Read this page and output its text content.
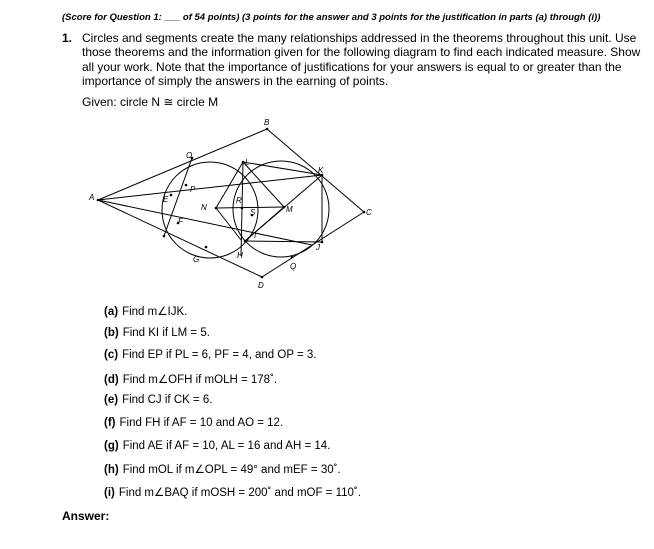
(Score for Question 1: ___ of 54 points) (3 points for the answer and 3 points for the justification in parts (a) through (i))
1. Circles and segments create the many relationships addressed in the theorems throughout this unit. Use those theorems and the information given for the following diagram to find each indicated measure. Show all your work. Note that the importance of justifications for your answers is equal to or greater than the importance of simply the answers in the earning of points.
Given: circle N ≅ circle M
A
B
C
D
E
F
G	H
I
J
K
L
M
N
O
P
Q
R
S
(a) Find m∠IJK.
(b) Find KI if LM = 5.
(c) Find EP if PL = 6, PF = 4, and OP = 3.
(d) Find m∠OFH if mOLH = 178˚.
(e) Find CJ if CK = 6.
(f) Find FH if AF = 10 and AO = 12.
(g) Find AE if AF = 10, AL = 16 and AH = 14.
(h) Find mOL if m∠OPL = 49° and mEF = 30˚.
(i) Find m∠BAQ if mOSH = 200˚ and mOF = 110˚.
Answer:
